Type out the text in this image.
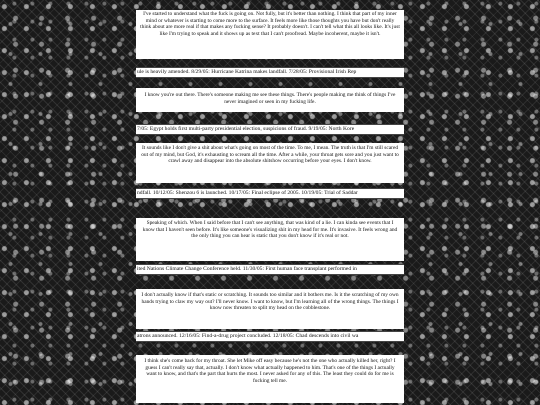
I've started to understand what the fuck is going on. Not fully, but it's better than nothing. I think that part of my inner mind or whatever is starting to come more to the surface. It feels more like those thoughts you have but don't really think about are more real if that makes any fucking sense? It probably doesn't. I can't tell what this all looks like. It's just like I'm trying to speak and it shows up as text that I can't proofread. Maybe incoherent, maybe it isn't.
ule is heavily amended. 8/29/05: Hurricane Katrina makes landfall. 7/28/05: Provisional Irish Rep
I know you're out there. There's someone making me see these things. There's people making me think of things I've never imagined or seen in my fucking life.
7/05: Egypt holds first multi-party presidential election, suspicions of fraud. 9/19/05: North Kore
It sounds like I don't give a shit about what's going on most of the time. To me, I mean. The truth is that I'm still scared out of my mind, but God, it's exhausting to scream all the time. After a while, your throat gets sore and you just want to crawl away and disappear into the absolute shitshow occurring before your eyes. I don't know.
ndfall. 10/12/05: Shenzou 6 is launched. 10/17/05: Final eclipse of 2005. 10/19/05: Trial of Saddar
Speaking of which. When I said before that I can't see anything, that was kind of a lie. I can kinda see events that I know that I haven't seen before. It's like someone's visualizing shit in my head for me. It's invasive. It feels wrong and the only thing you can hear is static that you don't know if it's real or not.
ited Nations Climate Change Conference held. 11/30/05: First human face transplant performed in
I don't actually know if that's static or scratching. It sounds too similar and it bothers me. Is it the scratching of my own hands trying to claw my way out? I'll never know. I want to know, but I'm learning all of the wrong things. The things I know now threaten to split my head on the cobblestone.
atrons announced. 12/16/05: Find-a-drug project concluded. 12/18/05: Chad descends into civil wa
I think she's come back for my throat. She let Mike off easy because he's not the one who actually killed her, right? I guess I can't really say that, actually. I don't know what actually happened to him. That's one of the things I actually want to know, and that's the part that hurts the most. I never asked for any of this. The least they could do for me is fucking tell me.
